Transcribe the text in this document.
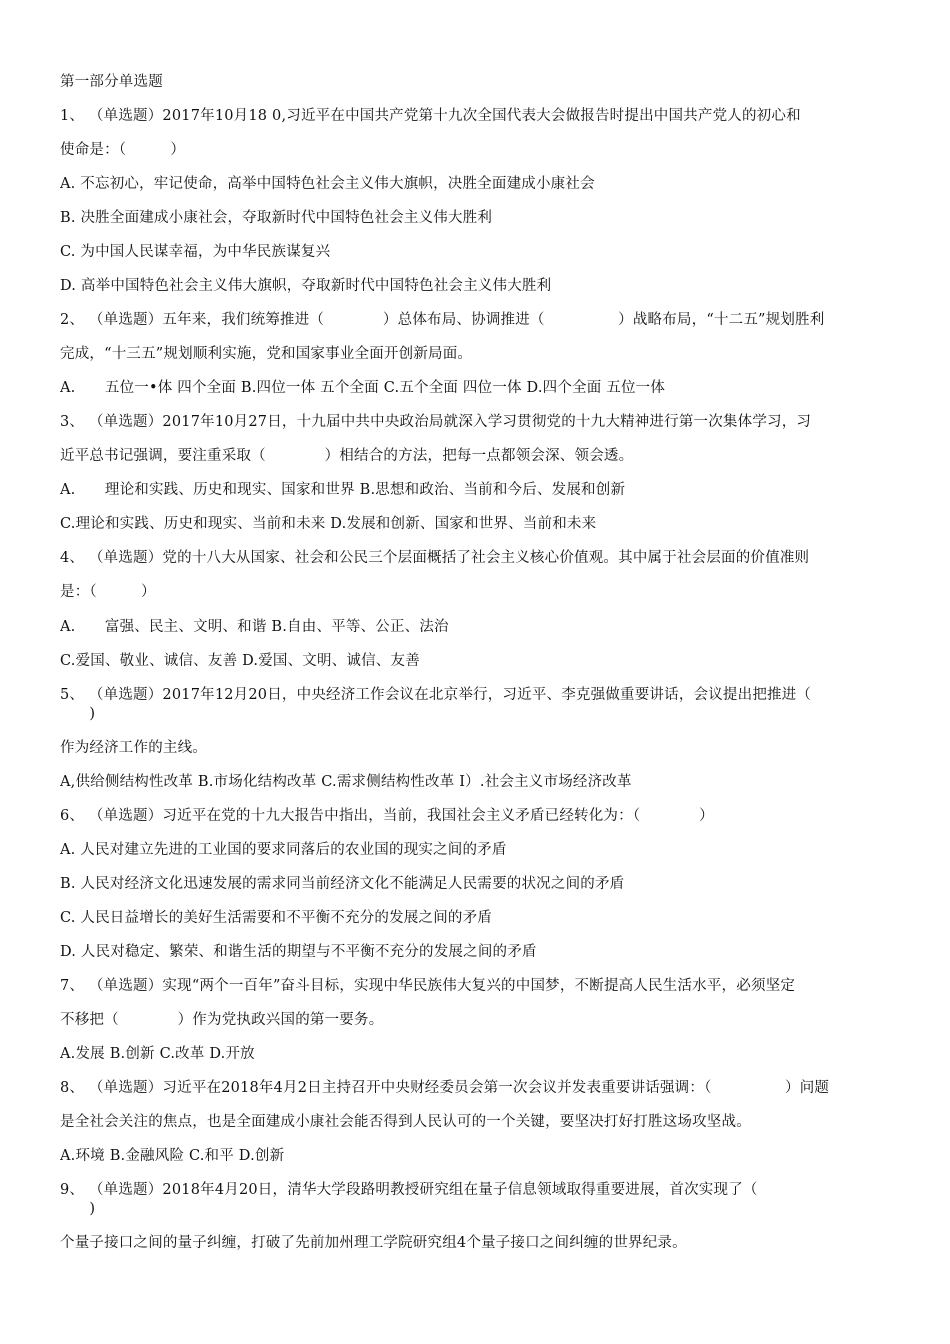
第一部分单选题
1、 （单选题）2017年10月18 0,习近平在中国共产党第十九次全国代表大会做报告时提出中国共产党人的初心和
使命是：（　　　）
A. 不忘初心，牢记使命，高举中国特色社会主义伟大旗帜，决胜全面建成小康社会
B. 决胜全面建成小康社会，夺取新时代中国特色社会主义伟大胜利
C. 为中国人民谋幸福，为中华民族谋复兴
D. 高举中国特色社会主义伟大旗帜，夺取新时代中国特色社会主义伟大胜利
2、 （单选题）五年来，我们统筹推进（　　　　）总体布局、协调推进（　　　　　）战略布局，“十二五”规划胜利
完成，“十三五”规划顺利实施，党和国家事业全面开创新局面。
A.　　五位一•体 四个全面 B.四位一体 五个全面 C.五个全面 四位一体 D.四个全面 五位一体
3、 （单选题）2017年10月27日，十九届中共中央政治局就深入学习贯彻党的十九大精神进行第一次集体学习，习
近平总书记强调，要注重采取（　　　　）相结合的方法，把每一点都领会深、领会透。
A.　　理论和实践、历史和现实、国家和世界 B.思想和政治、当前和今后、发展和创新
C.理论和实践、历史和现实、当前和未来 D.发展和创新、国家和世界、当前和未来
4、 （单选题）党的十八大从国家、社会和公民三个层面概括了社会主义核心价值观。其中属于社会层面的价值准则
是：（　　　）
A.　　富强、民主、文明、和谐 B.自由、平等、公正、法治
C.爱国、敬业、诚信、友善 D.爱国、文明、诚信、友善
5、 （单选题）2017年12月20日，中央经济工作会议在北京举行，习近平、李克强做重要讲话，会议提出把推进（
　　)
作为经济工作的主线。
A,供给侧结构性改革 B.市场化结构改革 C.需求侧结构性改革 I）.社会主义市场经济改革
6、 （单选题）习近平在党的十九大报告中指出，当前，我国社会主义矛盾已经转化为：（　　　　）
A. 人民对建立先进的工业国的要求同落后的农业国的现实之间的矛盾
B. 人民对经济文化迅速发展的需求同当前经济文化不能满足人民需要的状况之间的矛盾
C. 人民日益增长的美好生活需要和不平衡不充分的发展之间的矛盾
D. 人民对稳定、繁荣、和谐生活的期望与不平衡不充分的发展之间的矛盾
7、 （单选题）实现“两个一百年”奋斗目标，实现中华民族伟大复兴的中国梦，不断提高人民生活水平，必须坚定
不移把（　　　　）作为党执政兴国的第一要务。
A.发展 B.创新 C.改革 D.开放
8、 （单选题）习近平在2018年4月2日主持召开中央财经委员会第一次会议并发表重要讲话强调：（　　　　　）问题
是全社会关注的焦点，也是全面建成小康社会能否得到人民认可的一个关键，要坚决打好打胜这场攻坚战。
A.环境 B.金融风险 C.和平 D.创新
9、 （单选题）2018年4月20日，清华大学段路明教授研究组在量子信息领域取得重要进展，首次实现了（
　　)
个量子接口之间的量子纠缠，打破了先前加州理工学院研究组4个量子接口之间纠缠的世界纪录。
